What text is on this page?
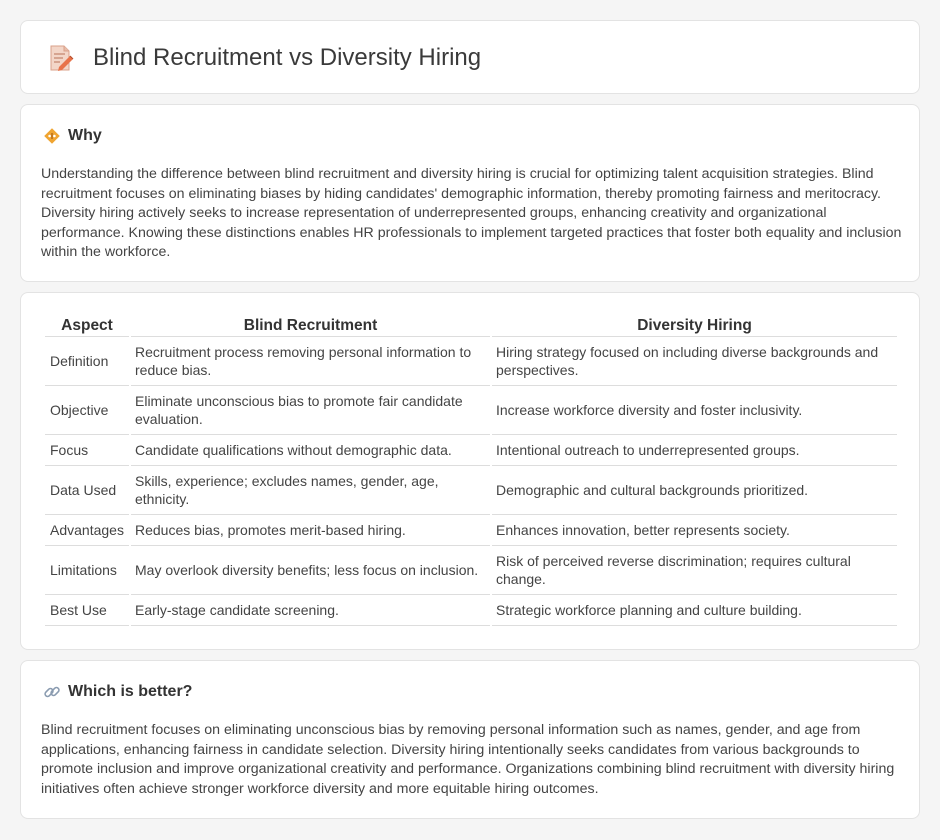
Blind Recruitment vs Diversity Hiring
Why

Understanding the difference between blind recruitment and diversity hiring is crucial for optimizing talent acquisition strategies. Blind recruitment focuses on eliminating biases by hiding candidates' demographic information, thereby promoting fairness and meritocracy. Diversity hiring actively seeks to increase representation of underrepresented groups, enhancing creativity and organizational performance. Knowing these distinctions enables HR professionals to implement targeted practices that foster both equality and inclusion within the workforce.

Aspect	Blind Recruitment	Diversity Hiring
Definition	Recruitment process removing personal information to reduce bias.	Hiring strategy focused on including diverse backgrounds and perspectives.
Objective	Eliminate unconscious bias to promote fair candidate evaluation.	Increase workforce diversity and foster inclusivity.
Focus	Candidate qualifications without demographic data.	Intentional outreach to underrepresented groups.
Data Used	Skills, experience; excludes names, gender, age, ethnicity.	Demographic and cultural backgrounds prioritized.
Advantages	Reduces bias, promotes merit-based hiring.	Enhances innovation, better represents society.
Limitations	May overlook diversity benefits; less focus on inclusion.	Risk of perceived reverse discrimination; requires cultural change.
Best Use	Early-stage candidate screening.	Strategic workforce planning and culture building.
Which is better?

Blind recruitment focuses on eliminating unconscious bias by removing personal information such as names, gender, and age from applications, enhancing fairness in candidate selection. Diversity hiring intentionally seeks candidates from various backgrounds to promote inclusion and improve organizational creativity and performance. Organizations combining blind recruitment with diversity hiring initiatives often achieve stronger workforce diversity and more equitable hiring outcomes.
